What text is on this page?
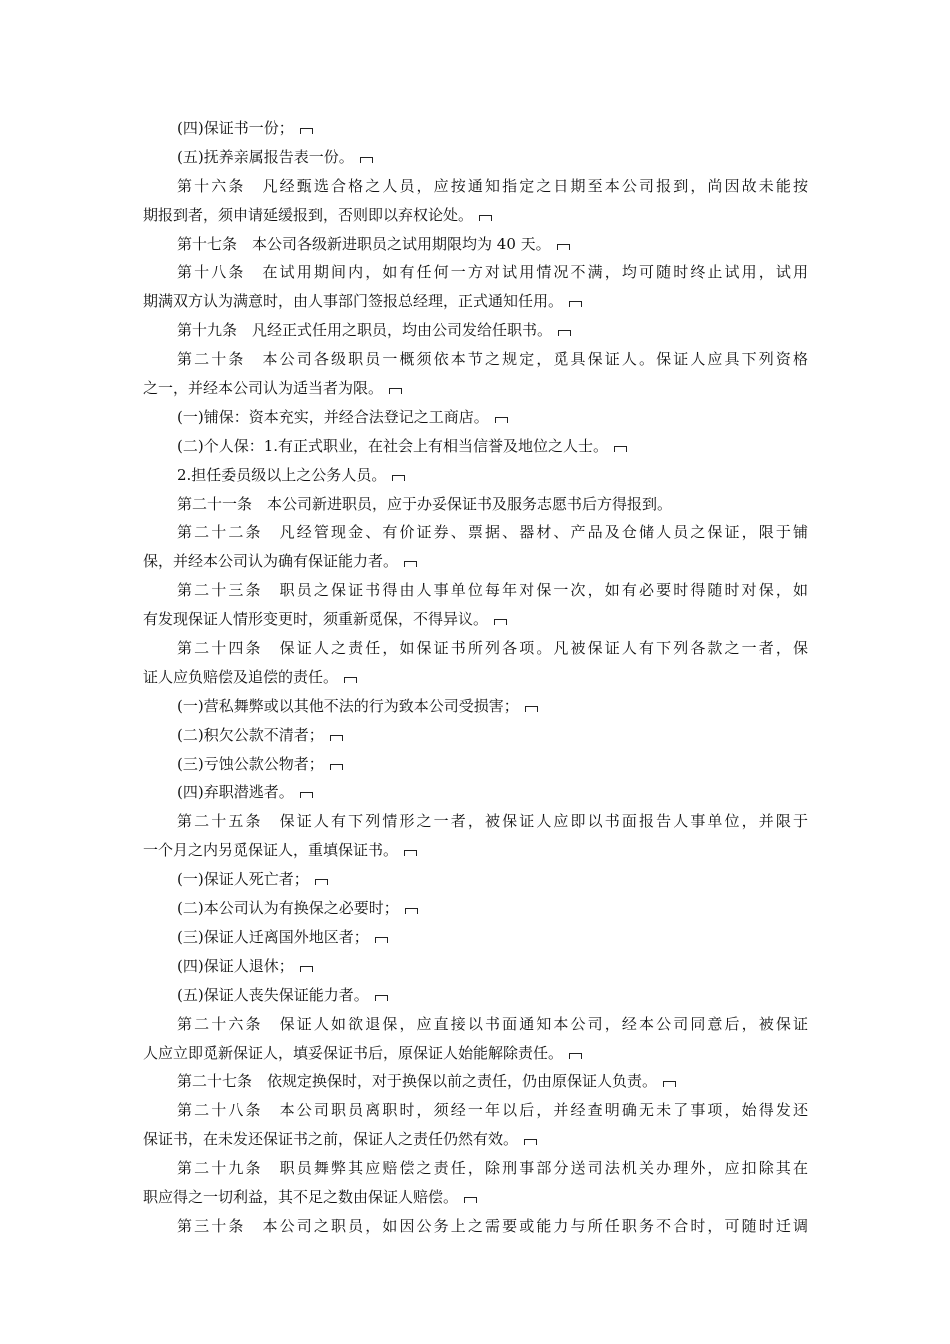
(四)保证书一份；
(五)抚养亲属报告表一份。
第十六条　凡经甄选合格之人员，应按通知指定之日期至本公司报到，尚因故未能按
期报到者，须申请延缓报到，否则即以弃权论处。
第十七条　本公司各级新进职员之试用期限均为 40 天。
第十八条　在试用期间内，如有任何一方对试用情况不满，均可随时终止试用，试用
期满双方认为满意时，由人事部门签报总经理，正式通知任用。
第十九条　凡经正式任用之职员，均由公司发给任职书。
第二十条　本公司各级职员一概须依本节之规定，觅具保证人。保证人应具下列资格
之一，并经本公司认为适当者为限。
(一)铺保：资本充实，并经合法登记之工商店。
(二)个人保：1.有正式职业，在社会上有相当信誉及地位之人士。
2.担任委员级以上之公务人员。
第二十一条　本公司新进职员，应于办妥保证书及服务志愿书后方得报到。
第二十二条　凡经管现金、有价证券、票据、器材、产品及仓储人员之保证，限于铺
保，并经本公司认为确有保证能力者。
第二十三条　职员之保证书得由人事单位每年对保一次，如有必要时得随时对保，如
有发现保证人情形变更时，须重新觅保，不得异议。
第二十四条　保证人之责任，如保证书所列各项。凡被保证人有下列各款之一者，保
证人应负赔偿及追偿的责任。
(一)营私舞弊或以其他不法的行为致本公司受损害；
(二)积欠公款不清者；
(三)亏蚀公款公物者；
(四)弃职潜逃者。
第二十五条　保证人有下列情形之一者，被保证人应即以书面报告人事单位，并限于
一个月之内另觅保证人，重填保证书。
(一)保证人死亡者；
(二)本公司认为有换保之必要时；
(三)保证人迁离国外地区者；
(四)保证人退休；
(五)保证人丧失保证能力者。
第二十六条　保证人如欲退保，应直接以书面通知本公司，经本公司同意后，被保证
人应立即觅新保证人，填妥保证书后，原保证人始能解除责任。
第二十七条　依规定换保时，对于换保以前之责任，仍由原保证人负责。
第二十八条　本公司职员离职时，须经一年以后，并经查明确无未了事项，始得发还
保证书，在未发还保证书之前，保证人之责任仍然有效。
第二十九条　职员舞弊其应赔偿之责任，除刑事部分送司法机关办理外，应扣除其在
职应得之一切利益，其不足之数由保证人赔偿。
第三十条　本公司之职员，如因公务上之需要或能力与所任职务不合时，可随时迁调
